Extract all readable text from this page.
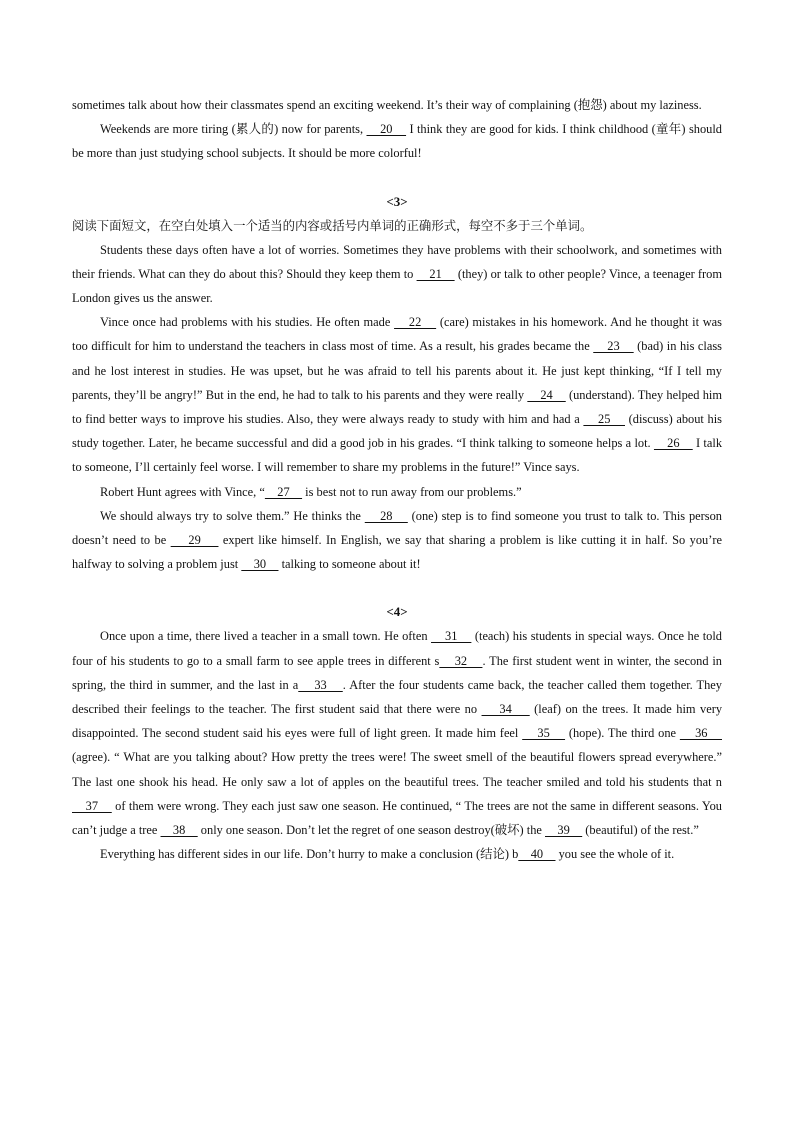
sometimes talk about how their classmates spend an exciting weekend. It’s their way of complaining (抱怨) about my laziness.

Weekends are more tiring (累人的) now for parents,     20     I think they are good for kids. I think childhood (童年) should be more than just studying school subjects. It should be more colorful!

<3>

阅读下面短文，在空白处填入一个适当的内容或括号内单词的正确形式，每空不多于三个单词。

Students these days often have a lot of worries. Sometimes they have problems with their schoolwork, and sometimes with their friends. What can they do about this? Should they keep them to     21     (they) or talk to other people? Vince, a teenager from London gives us the answer.

Vince once had problems with his studies. He often made     22     (care) mistakes in his homework. And he thought it was too difficult for him to understand the teachers in class most of time. As a result, his grades became the     23     (bad) in his class and he lost interest in studies. He was upset, but he was afraid to tell his parents about it. He just kept thinking, “If I tell my parents, they’ll be angry!” But in the end, he had to talk to his parents and they were really     24     (understand). They helped him to find better ways to improve his studies. Also, they were always ready to study with him and had a     25     (discuss) about his study together. Later, he became successful and did a good job in his grades. “I think talking to someone helps a lot.     26     I talk to someone, I’ll certainly feel worse. I will remember to share my problems in the future!” Vince says.

Robert Hunt agrees with Vince, “    27     is best not to run away from our problems.”

We should always try to solve them.” He thinks the     28     (one) step is to find someone you trust to talk to. This person doesn’t need to be     29     expert like himself. In English, we say that sharing a problem is like cutting it in half. So you’re halfway to solving a problem just     30     talking to someone about it!

<4>

Once upon a time, there lived a teacher in a small town. He often     31     (teach) his students in special ways. Once he told four of his students to go to a small farm to see apple trees in different s    32    . The first student went in winter, the second in spring, the third in summer, and the last in a    33    . After the four students came back, the teacher called them together. They described their feelings to the teacher. The first student said that there were no     34     (leaf) on the trees. It made him very disappointed. The second student said his eyes were full of light green. It made him feel     35     (hope). The third one     36     (agree). “ What are you talking about? How pretty the trees were! The sweet smell of the beautiful flowers spread everywhere.” The last one shook his head. He only saw a lot of apples on the beautiful trees. The teacher smiled and told his students that n    37     of them were wrong. They each just saw one season. He continued, “ The trees are not the same in different seasons. You can’t judge a tree     38     only one season. Don’t let the regret of one season destroy(破坏) the     39     (beautiful) of the rest.”

Everything has different sides in our life. Don’t hurry to make a conclusion (结论) b    40     you see the whole of it.
